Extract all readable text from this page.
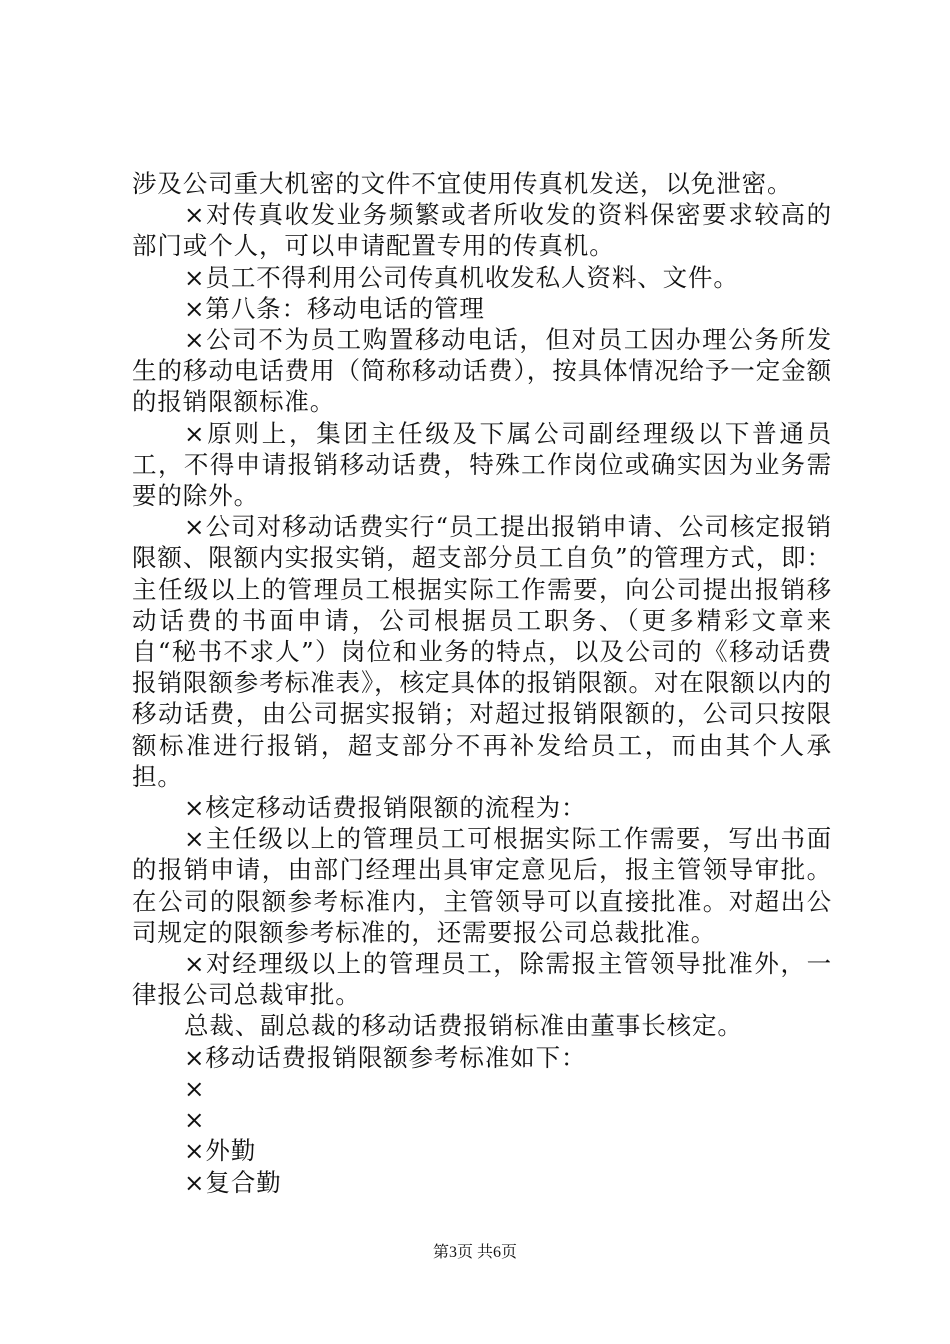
涉及公司重大机密的文件不宜使用传真机发送，以免泄密。

×对传真收发业务频繁或者所收发的资料保密要求较高的部门或个人，可以申请配置专用的传真机。

×员工不得利用公司传真机收发私人资料、文件。

×第八条：移动电话的管理

×公司不为员工购置移动电话，但对员工因办理公务所发生的移动电话费用（简称移动话费），按具体情况给予一定金额的报销限额标准。

×原则上，集团主任级及下属公司副经理级以下普通员工，不得申请报销移动话费，特殊工作岗位或确实因为业务需要的除外。

×公司对移动话费实行“员工提出报销申请、公司核定报销限额、限额内实报实销，超支部分员工自负”的管理方式，即：主任级以上的管理员工根据实际工作需要，向公司提出报销移动话费的书面申请，公司根据员工职务、（更多精彩文章来自“秘书不求人”）岗位和业务的特点，以及公司的《移动话费报销限额参考标准表》，核定具体的报销限额。对在限额以内的移动话费，由公司据实报销；对超过报销限额的，公司只按限额标准进行报销，超支部分不再补发给员工，而由其个人承担。

×核定移动话费报销限额的流程为：

×主任级以上的管理员工可根据实际工作需要，写出书面的报销申请，由部门经理出具审定意见后，报主管领导审批。在公司的限额参考标准内，主管领导可以直接批准。对超出公司规定的限额参考标准的，还需要报公司总裁批准。

×对经理级以上的管理员工，除需报主管领导批准外，一律报公司总裁审批。

总裁、副总裁的移动话费报销标准由董事长核定。

×移动话费报销限额参考标准如下：

×

×

×外勤

×复合勤

第3页 共6页
